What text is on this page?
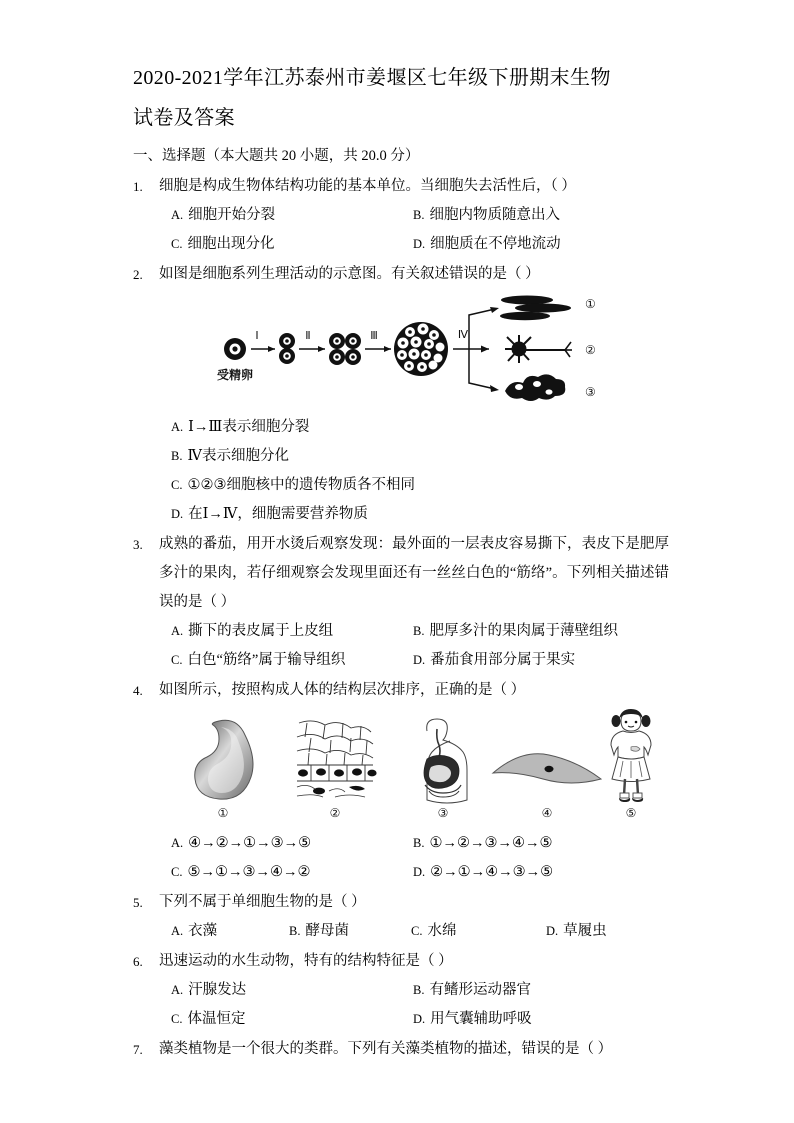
2020-2021学年江苏泰州市姜堰区七年级下册期末生物
试卷及答案
一、选择题（本大题共 20 小题，共 20.0 分）
1.	细胞是构成生物体结构功能的基本单位。当细胞失去活性后，（ ）
A. 细胞开始分裂	B. 细胞内物质随意出入
C. 细胞出现分化	D. 细胞质在不停地流动
2.	如图是细胞系列生理活动的示意图。有关叙述错误的是（ ）
Ⅰ	Ⅱ	Ⅲ	Ⅳ
①
②
③
受精卵
A. Ⅰ→Ⅲ表示细胞分裂
B. Ⅳ表示细胞分化
C. ①②③细胞核中的遗传物质各不相同
D. 在Ⅰ→Ⅳ，细胞需要营养物质
3.	成熟的番茄，用开水烫后观察发现：最外面的一层表皮容易撕下，表皮下是肥厚多汁的果肉，若仔细观察会发现里面还有一丝丝白色的“筋络”。下列相关描述错误的是（ ）
A. 撕下的表皮属于上皮组	B. 肥厚多汁的果肉属于薄壁组织
C. 白色“筋络”属于输导组织	D. 番茄食用部分属于果实
4.	如图所示，按照构成人体的结构层次排序，正确的是（ ）
①	②	③	④	⑤
A. ④→②→①→③→⑤	B. ①→②→③→④→⑤
C. ⑤→①→③→④→②	D. ②→①→④→③→⑤
5.	下列不属于单细胞生物的是（ ）
A. 衣藻	B. 酵母菌	C. 水绵	D. 草履虫
6.	迅速运动的水生动物，特有的结构特征是（ ）
A. 汗腺发达	B. 有鳍形运动器官
C. 体温恒定	D. 用气囊辅助呼吸
7.	藻类植物是一个很大的类群。下列有关藻类植物的描述，错误的是（ ）
